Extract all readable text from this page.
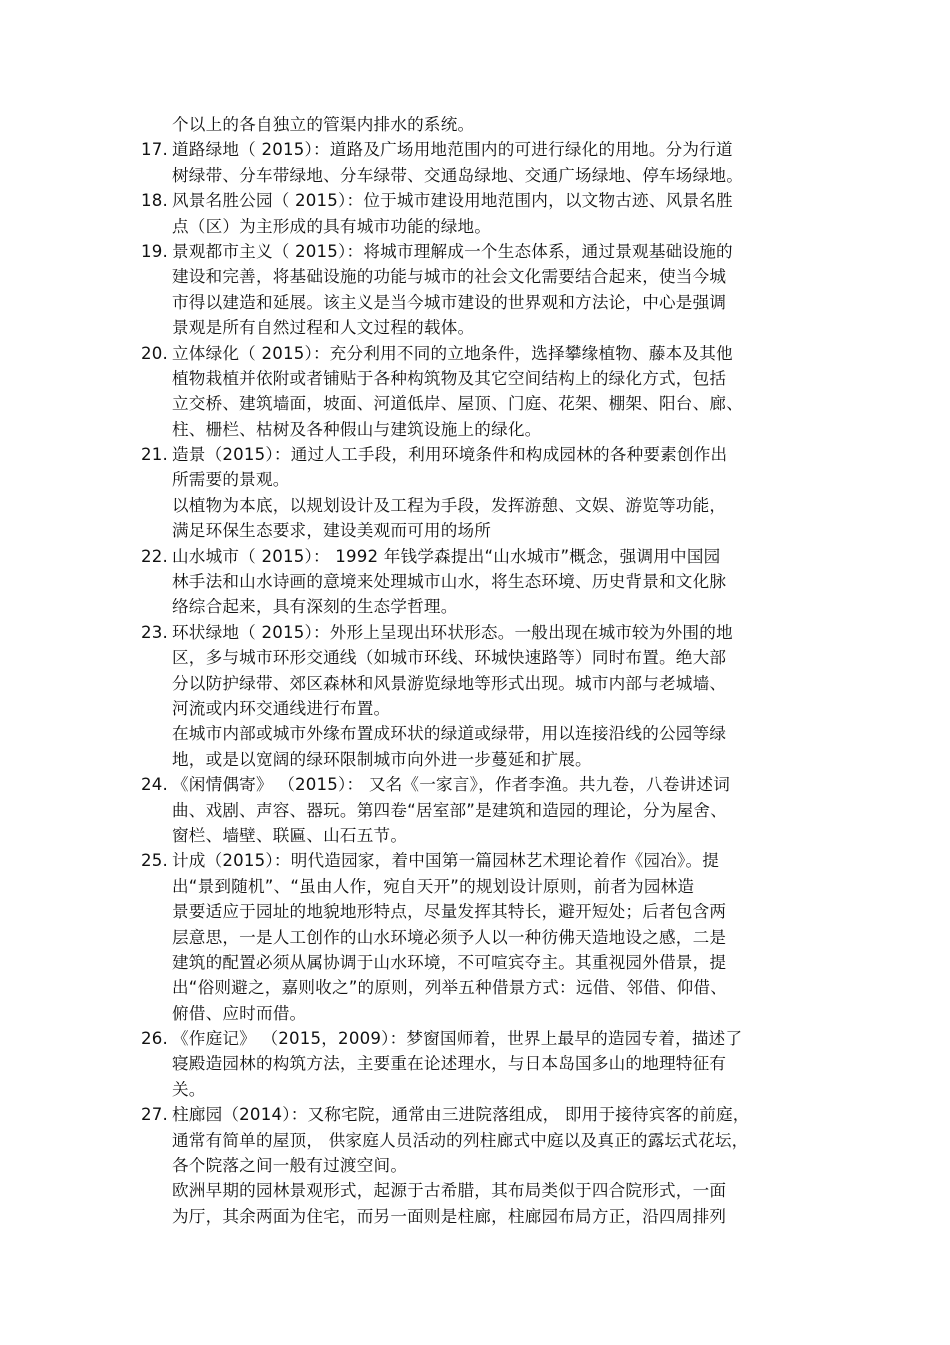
个以上的各自独立的管渠内排水的系统。
17. 道路绿地（ 2015）：道路及广场用地范围内的可进行绿化的用地。分为行道
树绿带、分车带绿地、分车绿带、交通岛绿地、交通广场绿地、停车场绿地。
18. 风景名胜公园（ 2015）：位于城市建设用地范围内，以文物古迹、风景名胜
点（区）为主形成的具有城市功能的绿地。
19. 景观都市主义（ 2015）：将城市理解成一个生态体系，通过景观基础设施的
建设和完善，将基础设施的功能与城市的社会文化需要结合起来，使当今城
市得以建造和延展。该主义是当今城市建设的世界观和方法论，中心是强调
景观是所有自然过程和人文过程的载体。
20. 立体绿化（ 2015）：充分利用不同的立地条件，选择攀缘植物、藤本及其他
植物栽植并依附或者铺贴于各种构筑物及其它空间结构上的绿化方式，包括
立交桥、建筑墙面，坡面、河道低岸、屋顶、门庭、花架、棚架、阳台、廊、
柱、栅栏、枯树及各种假山与建筑设施上的绿化。
21. 造景（2015）：通过人工手段，利用环境条件和构成园林的各种要素创作出
所需要的景观。
以植物为本底，以规划设计及工程为手段，发挥游憩、文娱、游览等功能，
满足环保生态要求，建设美观而可用的场所
22. 山水城市（ 2015）： 1992 年钱学森提出“山水城市”概念，强调用中国园
林手法和山水诗画的意境来处理城市山水，将生态环境、历史背景和文化脉
络综合起来，具有深刻的生态学哲理。
23. 环状绿地（ 2015）：外形上呈现出环状形态。一般出现在城市较为外围的地
区，多与城市环形交通线（如城市环线、环城快速路等）同时布置。绝大部
分以防护绿带、郊区森林和风景游览绿地等形式出现。城市内部与老城墙、
河流或内环交通线进行布置。
在城市内部或城市外缘布置成环状的绿道或绿带，用以连接沿线的公园等绿
地，或是以宽阔的绿环限制城市向外进一步蔓延和扩展。
24. 《闲情偶寄》 （2015）： 又名《一家言》，作者李渔。共九卷，八卷讲述词
曲、戏剧、声容、器玩。第四卷“居室部”是建筑和造园的理论，分为屋舍、
窗栏、墙壁、联匾、山石五节。
25. 计成（2015）：明代造园家，着中国第一篇园林艺术理论着作《园冶》。提
出“景到随机”、“虽由人作，宛自天开”的规划设计原则，前者为园林造
景要适应于园址的地貌地形特点，尽量发挥其特长，避开短处；后者包含两
层意思，一是人工创作的山水环境必须予人以一种彷佛天造地设之感，二是
建筑的配置必须从属协调于山水环境，不可喧宾夺主。其重视园外借景，提
出“俗则避之，嘉则收之”的原则，列举五种借景方式：远借、邻借、仰借、
俯借、应时而借。
26. 《作庭记》 （2015，2009）：梦窗国师着，世界上最早的造园专着，描述了
寝殿造园林的构筑方法，主要重在论述理水，与日本岛国多山的地理特征有
关。
27. 柱廊园（2014）：又称宅院，通常由三进院落组成， 即用于接待宾客的前庭，
通常有简单的屋顶， 供家庭人员活动的列柱廊式中庭以及真正的露坛式花坛，
各个院落之间一般有过渡空间。
欧洲早期的园林景观形式，起源于古希腊，其布局类似于四合院形式，一面
为厅，其余两面为住宅，而另一面则是柱廊，柱廊园布局方正，沿四周排列
